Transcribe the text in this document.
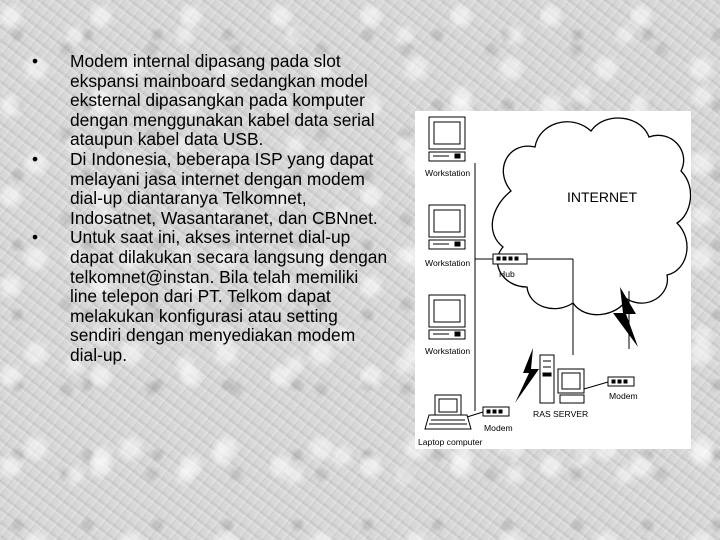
• Modem internal dipasang pada slot ekspansi mainboard sedangkan model eksternal dipasangkan pada komputer dengan menggunakan kabel data serial ataupun kabel data USB.
• Di Indonesia, beberapa ISP yang dapat melayani jasa internet dengan modem dial-up diantaranya Telkomnet, Indosatnet, Wasantaranet, dan CBNnet.
• Untuk saat ini, akses internet dial-up dapat dilakukan secara langsung dengan telkomnet@instan. Bila telah memiliki line telepon dari PT. Telkom dapat melakukan konfigurasi atau setting sendiri dengan menyediakan modem dial-up.
INTERNET
Workstation
Workstation
Hub
Workstation
RAS SERVER
Modem
Laptop computer
Modem
